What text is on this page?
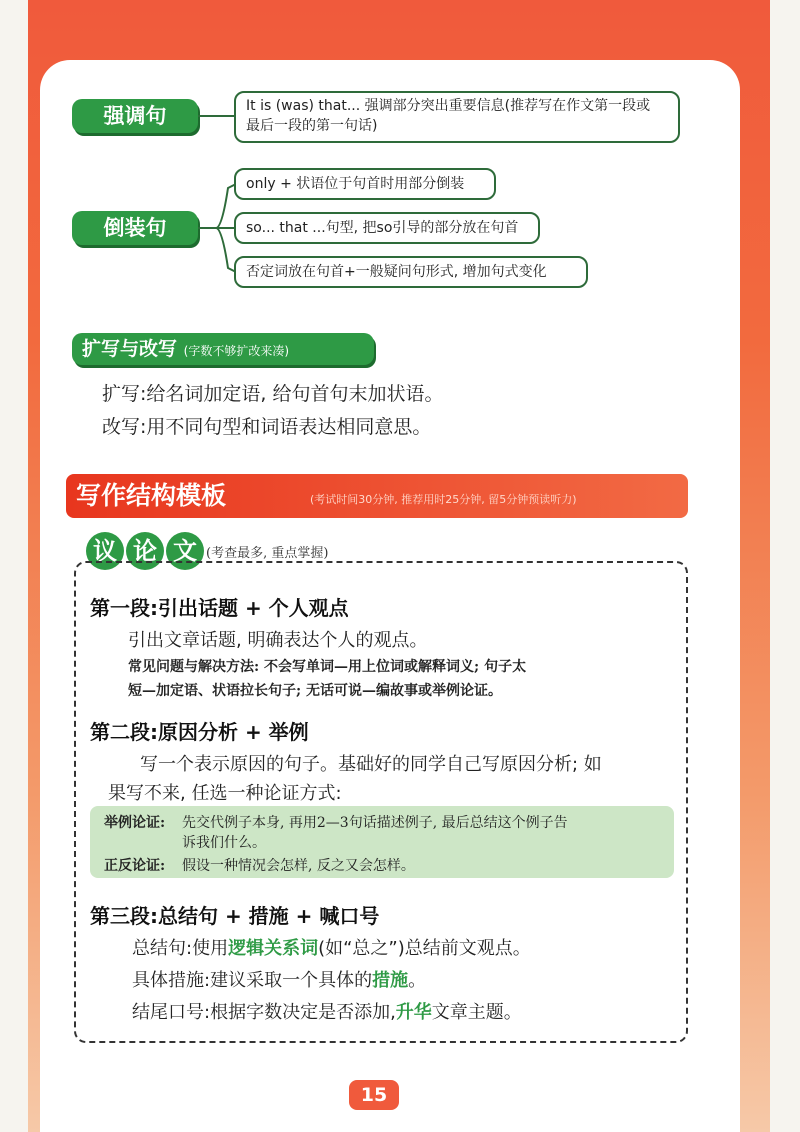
强调句	It is (was) that... 强调部分突出重要信息(推荐写在作文第一段或
最后一段的第一句话)
倒装句
only + 状语位于句首时用部分倒装
so... that ...句型, 把so引导的部分放在句首
否定词放在句首+一般疑问句形式, 增加句式变化
扩写与改写 (字数不够扩改来凑)
扩写:给名词加定语, 给句首句末加状语。
改写:用不同句型和词语表达相同意思。
写作结构模板	(考试时间30分钟, 推荐用时25分钟, 留5分钟预读听力)
议 论 文 (考查最多, 重点掌握)
第一段:引出话题 + 个人观点
引出文章话题, 明确表达个人的观点。
常见问题与解决方法: 不会写单词—用上位词或解释词义; 句子太
短—加定语、状语拉长句子; 无话可说—编故事或举例论证。
第二段:原因分析 + 举例
写一个表示原因的句子。基础好的同学自己写原因分析; 如
果写不来, 任选一种论证方式:
举例论证: 先交代例子本身, 再用2—3句话描述例子, 最后总结这个例子告
诉我们什么。
正反论证: 假设一种情况会怎样, 反之又会怎样。
第三段:总结句 + 措施 + 喊口号
总结句:使用逻辑关系词(如“总之”)总结前文观点。
具体措施:建议采取一个具体的措施。
结尾口号:根据字数决定是否添加,升华文章主题。
15
